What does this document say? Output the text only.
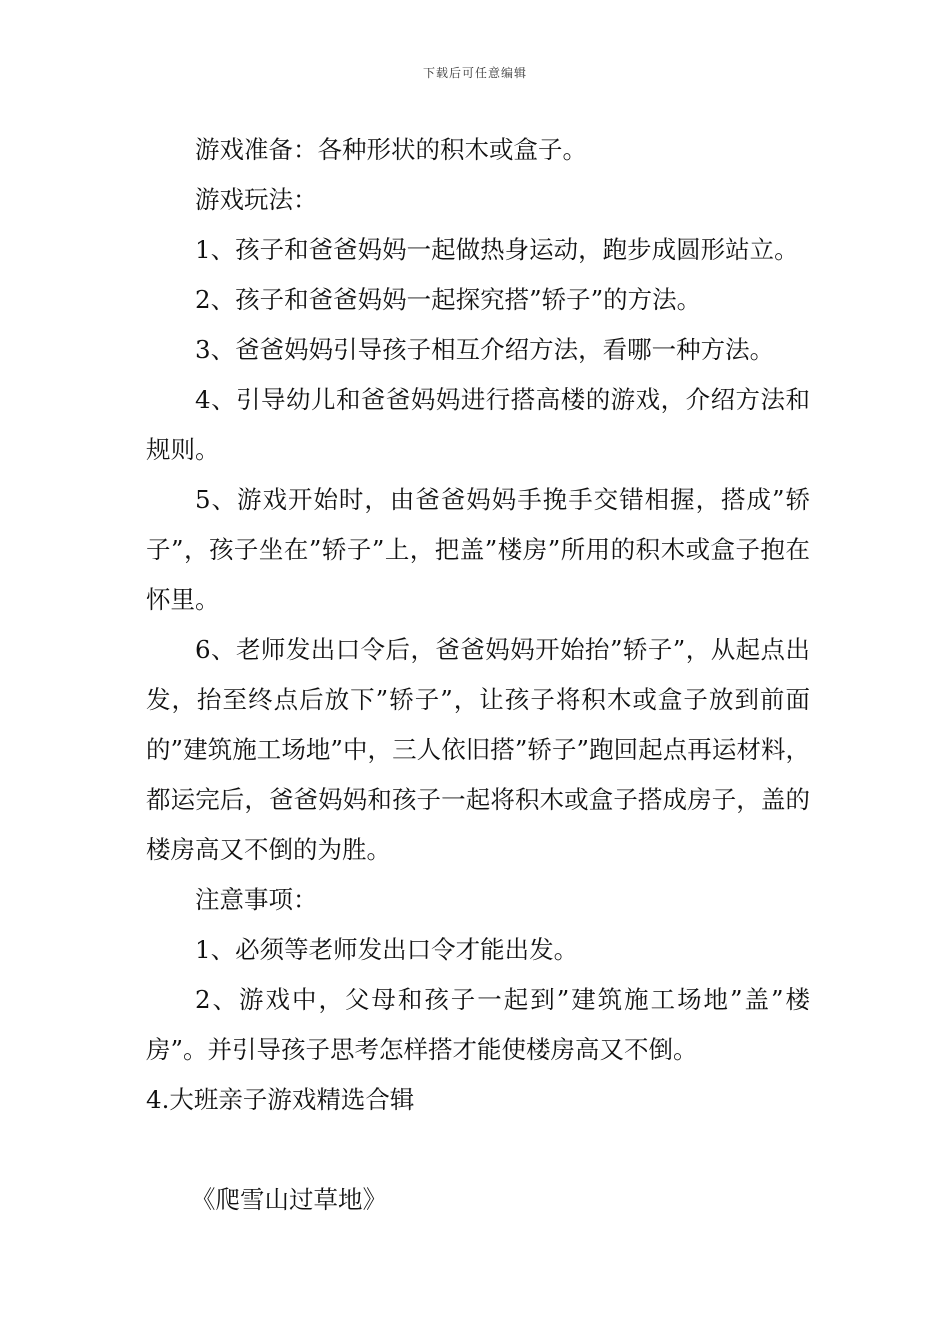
下载后可任意编辑

游戏准备：各种形状的积木或盒子。

游戏玩法：

1、孩子和爸爸妈妈一起做热身运动，跑步成圆形站立。

2、孩子和爸爸妈妈一起探究搭”轿子”的方法。

3、爸爸妈妈引导孩子相互介绍方法，看哪一种方法。

4、引导幼儿和爸爸妈妈进行搭高楼的游戏，介绍方法和规则。

5、游戏开始时，由爸爸妈妈手挽手交错相握，搭成”轿子”，孩子坐在”轿子”上，把盖”楼房”所用的积木或盒子抱在怀里。

6、老师发出口令后，爸爸妈妈开始抬”轿子”，从起点出发，抬至终点后放下”轿子”，让孩子将积木或盒子放到前面的”建筑施工场地”中，三人依旧搭”轿子”跑回起点再运材料，都运完后，爸爸妈妈和孩子一起将积木或盒子搭成房子，盖的楼房高又不倒的为胜。

注意事项：

1、必须等老师发出口令才能出发。

2、游戏中，父母和孩子一起到”建筑施工场地”盖”楼房”。并引导孩子思考怎样搭才能使楼房高又不倒。

4.大班亲子游戏精选合辑

《爬雪山过草地》
